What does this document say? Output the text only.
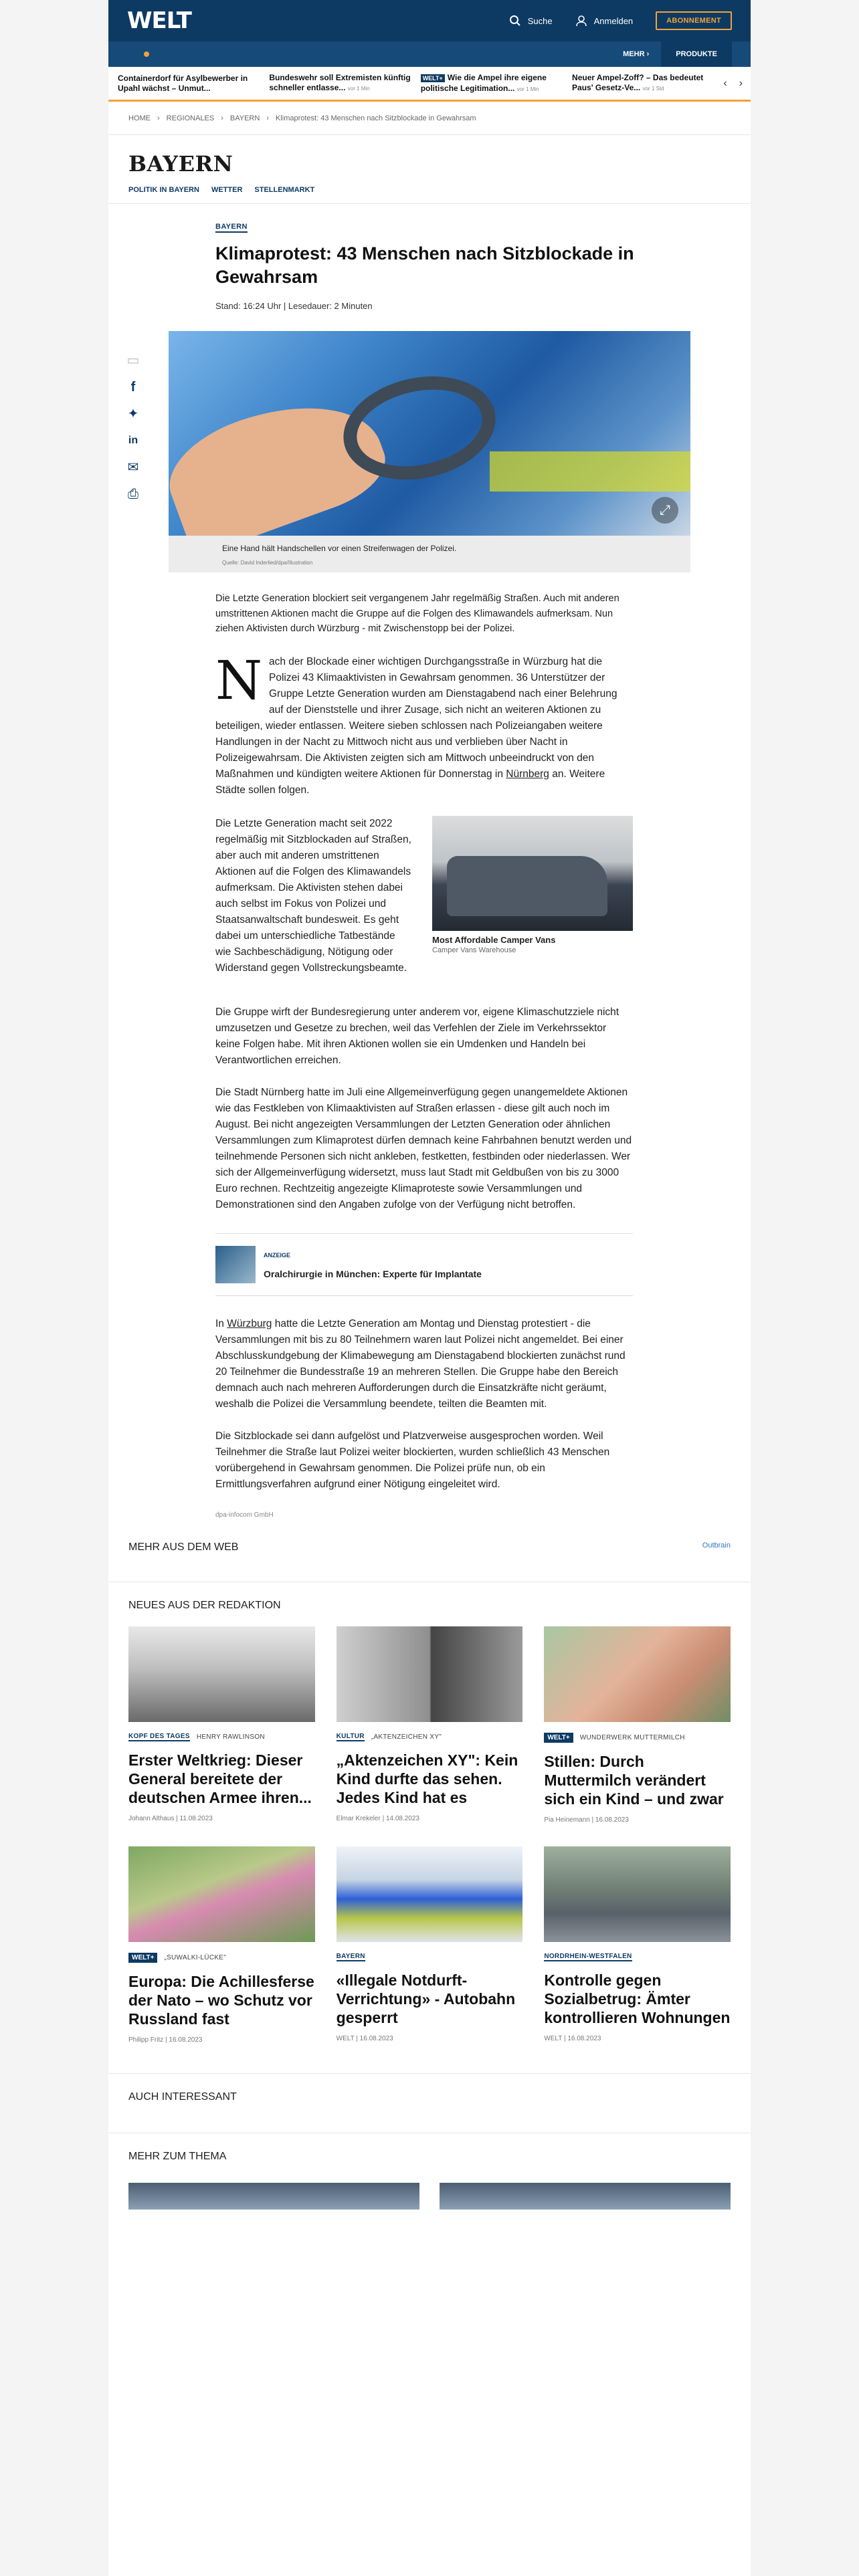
WELT	Suche	Anmelden	ABONNEMENT

MEHR ›	PRODUKTE
Containerdorf für Asylbewerber in Upahl wächst – Unmut...
Bundeswehr soll Extremisten künftig schneller entlasse... vor 1 Min
WELT+ Wie die Ampel ihre eigene politische Legitimation... vor 1 Min
Neuer Ampel-Zoff? – Das bedeutet Paus' Gesetz-Ve... vor 1 Std	‹ ›
HOME › REGIONALES › BAYERN › Klimaprotest: 43 Menschen nach Sitzblockade in Gewahrsam
BAYERN
POLITIK IN BAYERN WETTER STELLENMARKT
▭
f
✦
in
✉
⎙
BAYERN
Klimaprotest: 43 Menschen nach Sitzblockade in Gewahrsam
Stand: 16:24 Uhr | Lesedauer: 2 Minuten
⤢
Eine Hand hält Handschellen vor einen Streifenwagen der Polizei.
Quelle: David Inderlied/dpa/Illustration
Die Letzte Generation blockiert seit vergangenem Jahr regelmäßig Straßen. Auch mit anderen umstrittenen Aktionen macht die Gruppe auf die Folgen des Klimawandels aufmerksam. Nun ziehen Aktivisten durch Würzburg - mit Zwischenstopp bei der Polizei.
Nach der Blockade einer wichtigen Durchgangsstraße in Würzburg hat die Polizei 43 Klimaaktivisten in Gewahrsam genommen. 36 Unterstützer der Gruppe Letzte Generation wurden am Dienstagabend nach einer Belehrung auf der Dienststelle und ihrer Zusage, sich nicht an weiteren Aktionen zu beteiligen, wieder entlassen. Weitere sieben schlossen nach Polizeiangaben weitere Handlungen in der Nacht zu Mittwoch nicht aus und verblieben über Nacht in Polizeigewahrsam. Die Aktivisten zeigten sich am Mittwoch unbeeindruckt von den Maßnahmen und kündigten weitere Aktionen für Donnerstag in Nürnberg an. Weitere Städte sollen folgen.
Most Affordable Camper Vans
Camper Vans Warehouse
Die Letzte Generation macht seit 2022 regelmäßig mit Sitzblockaden auf Straßen, aber auch mit anderen umstrittenen Aktionen auf die Folgen des Klimawandels aufmerksam. Die Aktivisten stehen dabei auch selbst im Fokus von Polizei und Staatsanwaltschaft bundesweit. Es geht dabei um unterschiedliche Tatbestände wie Sachbeschädigung, Nötigung oder Widerstand gegen Vollstreckungsbeamte.
Die Gruppe wirft der Bundesregierung unter anderem vor, eigene Klimaschutzziele nicht umzusetzen und Gesetze zu brechen, weil das Verfehlen der Ziele im Verkehrssektor keine Folgen habe. Mit ihren Aktionen wollen sie ein Umdenken und Handeln bei Verantwortlichen erreichen.
Die Stadt Nürnberg hatte im Juli eine Allgemeinverfügung gegen unangemeldete Aktionen wie das Festkleben von Klimaaktivisten auf Straßen erlassen - diese gilt auch noch im August. Bei nicht angezeigten Versammlungen der Letzten Generation oder ähnlichen Versammlungen zum Klimaprotest dürfen demnach keine Fahrbahnen benutzt werden und teilnehmende Personen sich nicht ankleben, festketten, festbinden oder niederlassen. Wer sich der Allgemeinverfügung widersetzt, muss laut Stadt mit Geldbußen von bis zu 3000 Euro rechnen. Rechtzeitig angezeigte Klimaproteste sowie Versammlungen und Demonstrationen sind den Angaben zufolge von der Verfügung nicht betroffen.
ANZEIGE
Oralchirurgie in München: Experte für Implantate
In Würzburg hatte die Letzte Generation am Montag und Dienstag protestiert - die Versammlungen mit bis zu 80 Teilnehmern waren laut Polizei nicht angemeldet. Bei einer Abschlusskundgebung der Klimabewegung am Dienstagabend blockierten zunächst rund 20 Teilnehmer die Bundesstraße 19 an mehreren Stellen. Die Gruppe habe den Bereich demnach auch nach mehreren Aufforderungen durch die Einsatzkräfte nicht geräumt, weshalb die Polizei die Versammlung beendete, teilten die Beamten mit.
Die Sitzblockade sei dann aufgelöst und Platzverweise ausgesprochen worden. Weil Teilnehmer die Straße laut Polizei weiter blockierten, wurden schließlich 43 Menschen vorübergehend in Gewahrsam genommen. Die Polizei prüfe nun, ob ein Ermittlungsverfahren aufgrund einer Nötigung eingeleitet wird.
dpa-infocom GmbH
MEHR AUS DEM WEB	Outbrain
NEUES AUS DER REDAKTION
KOPF DES TAGES HENRY RAWLINSON
Erster Weltkrieg: Dieser General bereitete der deutschen Armee ihren...
Johann Althaus | 11.08.2023
KULTUR „AKTENZEICHEN XY"
„Aktenzeichen XY": Kein Kind durfte das sehen. Jedes Kind hat es
Elmar Krekeler | 14.08.2023
WELT+	WUNDERWERK MUTTERMILCH
Stillen: Durch Muttermilch verändert sich ein Kind – und zwar
Pia Heinemann | 16.08.2023
WELT+	„SUWALKI-LÜCKE"
Europa: Die Achillesferse der Nato – wo Schutz vor Russland fast
Philipp Fritz | 16.08.2023
BAYERN
«Illegale Notdurft-Verrichtung» - Autobahn gesperrt
WELT | 16.08.2023
NORDRHEIN-WESTFALEN
Kontrolle gegen Sozialbetrug: Ämter kontrollieren Wohnungen
WELT | 16.08.2023
AUCH INTERESSANT
MEHR ZUM THEMA
